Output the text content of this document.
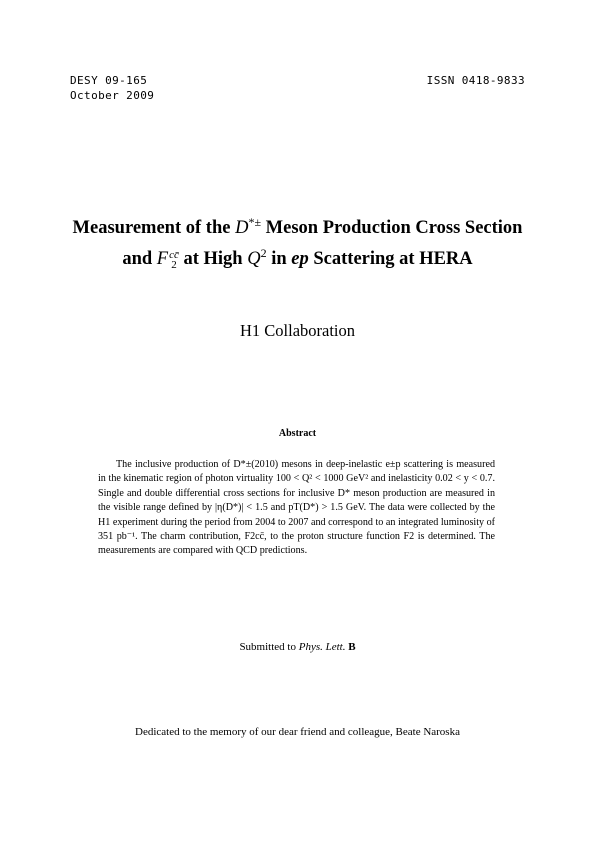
DESY 09-165
October 2009
ISSN 0418-9833
Measurement of the D*± Meson Production Cross Section
and Fcc̄
2 at High $Q^2$ in ep Scattering at HERA
H1 Collaboration
Abstract

The inclusive production of D*±(2010) mesons in deep-inelastic e±p scattering is measured in the kinematic region of photon virtuality 100 < Q² < 1000 GeV² and inelasticity 0.02 < y < 0.7. Single and double differential cross sections for inclusive D* meson production are measured in the visible range defined by |η(D*)| < 1.5 and pT(D*) > 1.5 GeV. The data were collected by the H1 experiment during the period from 2004 to 2007 and correspond to an integrated luminosity of 351 pb⁻¹. The charm contribution, F2cc̄, to the proton structure function F2 is determined. The measurements are compared with QCD predictions.

Submitted to Phys. Lett. B
Dedicated to the memory of our dear friend and colleague, Beate Naroska
